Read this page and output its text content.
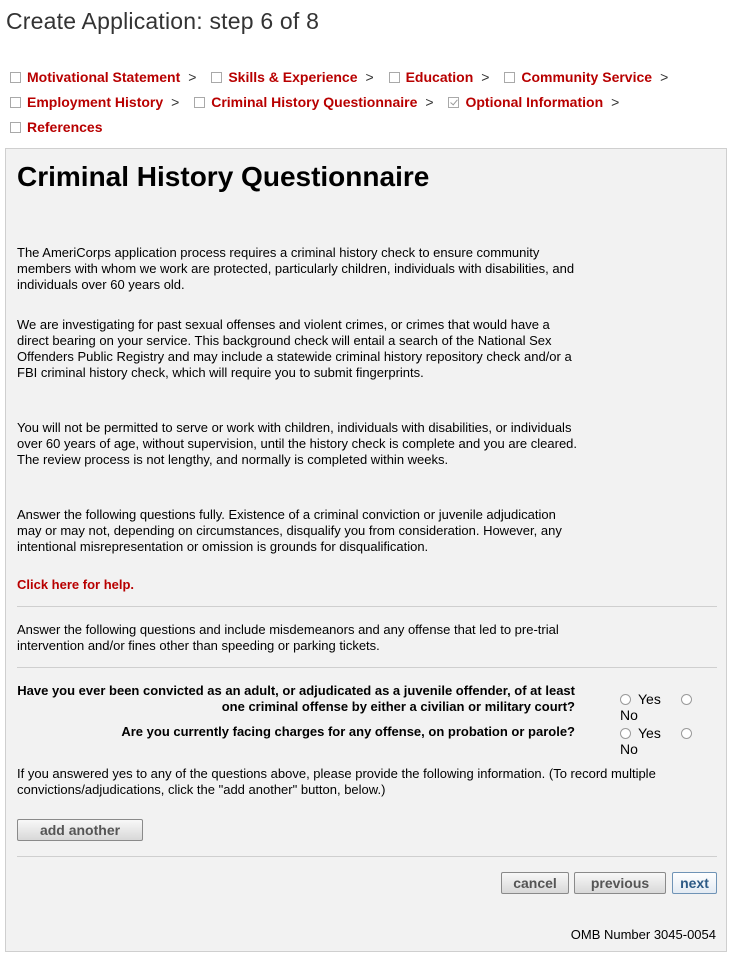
Create Application: step 6 of 8
Motivational Statement > Skills & Experience > Education > Community Service > Employment History > Criminal History Questionnaire > Optional Information >
References
Criminal History Questionnaire

The AmeriCorps application process requires a criminal history check to ensure community members with whom we work are protected, particularly children, individuals with disabilities, and individuals over 60 years old.

We are investigating for past sexual offenses and violent crimes, or crimes that would have a direct bearing on your service. This background check will entail a search of the National Sex Offenders Public Registry and may include a statewide criminal history repository check and/or a FBI criminal history check, which will require you to submit fingerprints.

You will not be permitted to serve or work with children, individuals with disabilities, or individuals over 60 years of age, without supervision, until the history check is complete and you are cleared. The review process is not lengthy, and normally is completed within weeks.

Answer the following questions fully. Existence of a criminal conviction or juvenile adjudication may or may not, depending on circumstances, disqualify you from consideration. However, any intentional misrepresentation or omission is grounds for disqualification.

Click here for help.

Answer the following questions and include misdemeanors and any offense that led to pre-trial intervention and/or fines other than speeding or parking tickets.

Have you ever been convicted as an adult, or adjudicated as a juvenile offender, of at least one criminal offense by either a civilian or military court?	Yes No
Are you currently facing charges for any offense, on probation or parole?	Yes No

If you answered yes to any of the questions above, please provide the following information. (To record multiple convictions/adjudications, click the "add another" button, below.)

add another
cancel	previous	next
OMB Number 3045-0054
